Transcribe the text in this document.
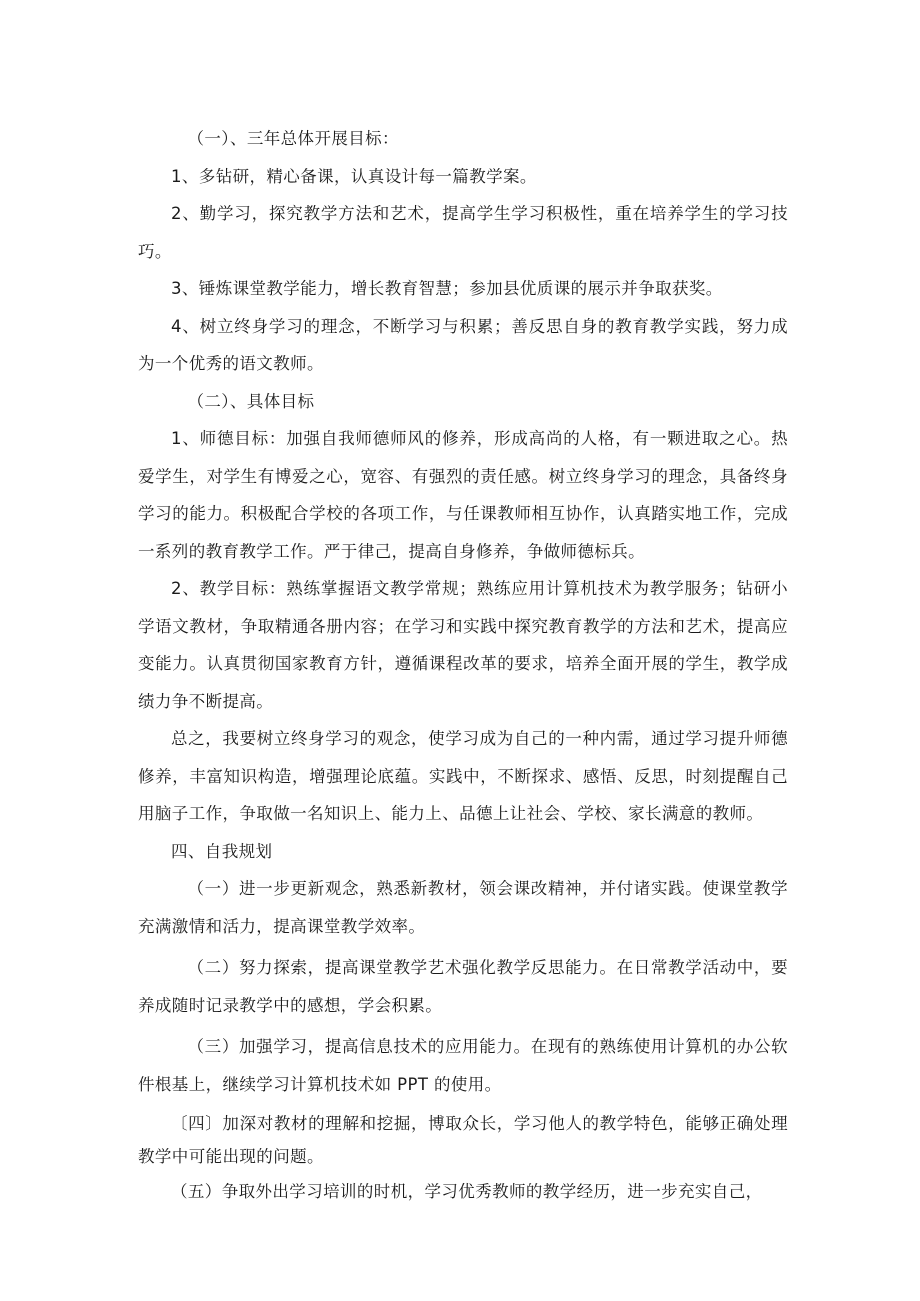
（一）、三年总体开展目标：

1、多钻研，精心备课，认真设计每一篇教学案。

2、勤学习，探究教学方法和艺术，提高学生学习积极性，重在培养学生的学习技巧。

3、锤炼课堂教学能力，增长教育智慧；参加县优质课的展示并争取获奖。

4、树立终身学习的理念，不断学习与积累；善反思自身的教育教学实践，努力成为一个优秀的语文教师。

（二）、具体目标

1、师德目标：加强自我师德师风的修养，形成高尚的人格，有一颗进取之心。热爱学生，对学生有博爱之心，宽容、有强烈的责任感。树立终身学习的理念，具备终身学习的能力。积极配合学校的各项工作，与任课教师相互协作，认真踏实地工作，完成一系列的教育教学工作。严于律己，提高自身修养，争做师德标兵。

2、教学目标：熟练掌握语文教学常规；熟练应用计算机技术为教学服务；钻研小学语文教材，争取精通各册内容；在学习和实践中探究教育教学的方法和艺术，提高应变能力。认真贯彻国家教育方针，遵循课程改革的要求，培养全面开展的学生，教学成绩力争不断提高。

总之，我要树立终身学习的观念，使学习成为自己的一种内需，通过学习提升师德修养，丰富知识构造，增强理论底蕴。实践中，不断探求、感悟、反思，时刻提醒自己用脑子工作，争取做一名知识上、能力上、品德上让社会、学校、家长满意的教师。

四、自我规划

（一）进一步更新观念，熟悉新教材，领会课改精神，并付诸实践。使课堂教学充满激情和活力，提高课堂教学效率。

（二）努力探索，提高课堂教学艺术强化教学反思能力。在日常教学活动中，要养成随时记录教学中的感想，学会积累。

（三）加强学习，提高信息技术的应用能力。在现有的熟练使用计算机的办公软件根基上，继续学习计算机技术如 PPT 的使用。

〔四〕加深对教材的理解和挖掘，博取众长，学习他人的教学特色，能够正确处理教学中可能出现的问题。

（五）争取外出学习培训的时机，学习优秀教师的教学经历，进一步充实自己，
